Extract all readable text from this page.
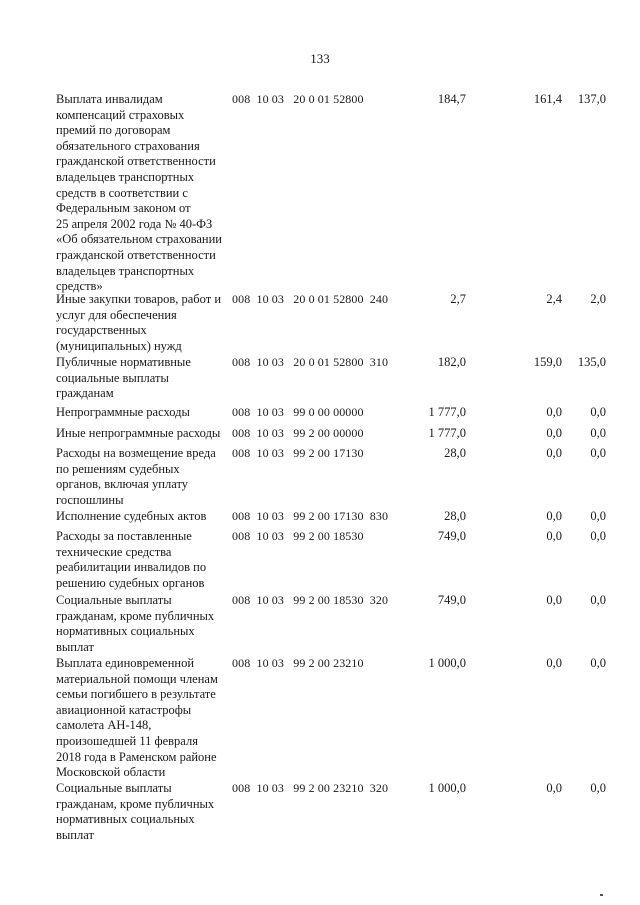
133
Выплата инвалидам
компенсаций страховых
премий по договорам
обязательного страхования
гражданской ответственности
владельцев транспортных
средств в соответствии с
Федеральным законом от
25 апреля 2002 года № 40-ФЗ
«Об обязательном страховании
гражданской ответственности
владельцев транспортных
средств»
008  10 03   20 0 01 52800	184,7	161,4	137,0
Иные закупки товаров, работ и
услуг для обеспечения
государственных
(муниципальных) нужд
008  10 03   20 0 01 52800  240	2,7	2,4	2,0
Публичные нормативные
социальные выплаты
гражданам
008  10 03   20 0 01 52800  310	182,0	159,0	135,0
Непрограммные расходы	008  10 03   99 0 00 00000	1 777,0	0,0	0,0
Иные непрограммные расходы 008  10 03   99 2 00 00000	1 777,0	0,0	0,0
Расходы на возмещение вреда
по решениям судебных
органов, включая уплату
госпошлины
008  10 03   99 2 00 17130	28,0	0,0	0,0
Исполнение судебных актов	008  10 03   99 2 00 17130  830	28,0	0,0	0,0
Расходы за поставленные
технические средства
реабилитации инвалидов по
решению судебных органов
008  10 03   99 2 00 18530	749,0	0,0	0,0
Социальные выплаты
гражданам, кроме публичных
нормативных социальных
выплат
008  10 03   99 2 00 18530  320	749,0	0,0	0,0
Выплата единовременной
материальной помощи членам
семьи погибшего в результате
авиационной катастрофы
самолета АН-148,
произошедшей 11 февраля
2018 года в Раменском районе
Московской области
008  10 03   99 2 00 23210	1 000,0	0,0	0,0
Социальные выплаты
гражданам, кроме публичных
нормативных социальных
выплат
008  10 03   99 2 00 23210  320	1 000,0	0,0	0,0
